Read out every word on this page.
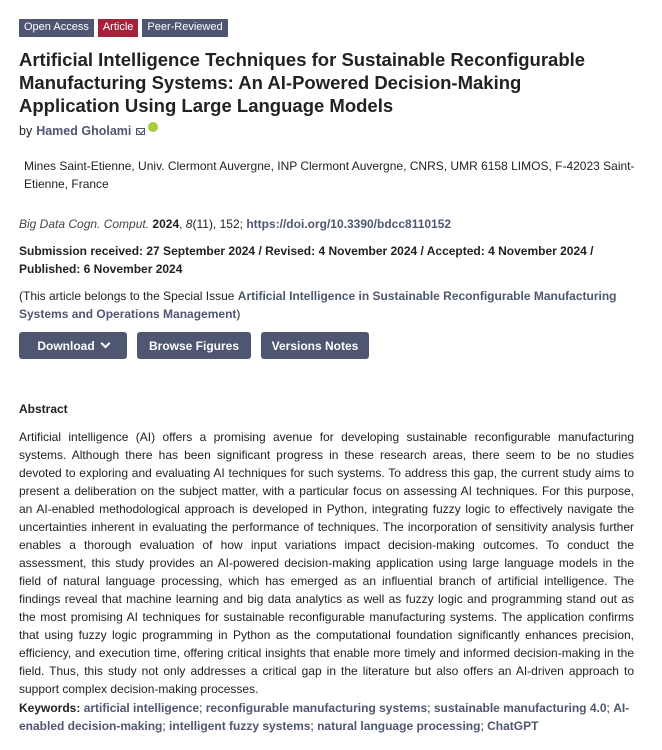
Open Access	Article	Peer-Reviewed
Artificial Intelligence Techniques for Sustainable Reconfigurable Manufacturing Systems: An AI-Powered Decision-Making Application Using Large Language Models
by Hamed Gholami
Mines Saint-Etienne, Univ. Clermont Auvergne, INP Clermont Auvergne, CNRS, UMR 6158 LIMOS, F-42023 Saint-Etienne, France
Big Data Cogn. Comput. 2024, 8(11), 152; https://doi.org/10.3390/bdcc8110152
Submission received: 27 September 2024 / Revised: 4 November 2024 / Accepted: 4 November 2024 / Published: 6 November 2024
(This article belongs to the Special Issue Artificial Intelligence in Sustainable Reconfigurable Manufacturing Systems and Operations Management)
Download	Browse Figures	Versions Notes
Abstract

Artificial intelligence (AI) offers a promising avenue for developing sustainable reconfigurable manufacturing systems. Although there has been significant progress in these research areas, there seem to be no studies devoted to exploring and evaluating AI techniques for such systems. To address this gap, the current study aims to present a deliberation on the subject matter, with a particular focus on assessing AI techniques. For this purpose, an AI-enabled methodological approach is developed in Python, integrating fuzzy logic to effectively navigate the uncertainties inherent in evaluating the performance of techniques. The incorporation of sensitivity analysis further enables a thorough evaluation of how input variations impact decision-making outcomes. To conduct the assessment, this study provides an AI-powered decision-making application using large language models in the field of natural language processing, which has emerged as an influential branch of artificial intelligence. The findings reveal that machine learning and big data analytics as well as fuzzy logic and programming stand out as the most promising AI techniques for sustainable reconfigurable manufacturing systems. The application confirms that using fuzzy logic programming in Python as the computational foundation significantly enhances precision, efficiency, and execution time, offering critical insights that enable more timely and informed decision-making in the field. Thus, this study not only addresses a critical gap in the literature but also offers an AI-driven approach to support complex decision-making processes.

Keywords: artificial intelligence; reconfigurable manufacturing systems; sustainable manufacturing 4.0; AI-enabled decision-making; intelligent fuzzy systems; natural language processing; ChatGPT
